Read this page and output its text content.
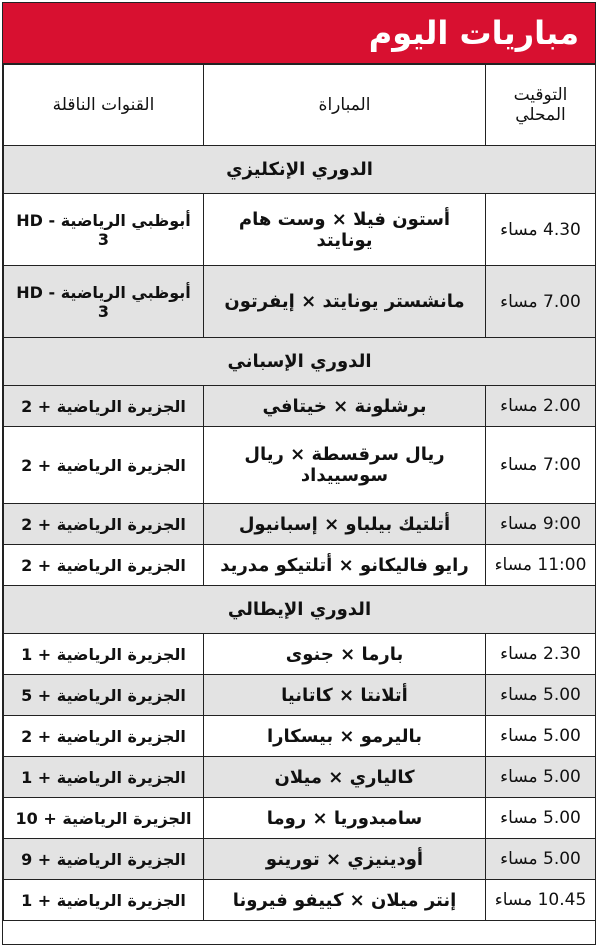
مباريات اليوم
التوقيت المحلي	المباراة	القنوات الناقلة
الدوري الإنكليزي		
4.30 مساء	أستون فيلا × وست هام يونايتد	أبوظبي الرياضية - HD 3
7.00 مساء	مانشستر يونايتد × إيفرتون	أبوظبي الرياضية - HD 3
الدوري الإسباني		
2.00 مساء	برشلونة × خيتافي	الجزيرة الرياضية + 2
7:00 مساء	ريال سرقسطة × ريال سوسييداد	الجزيرة الرياضية + 2
9:00 مساء	أتلتيك بيلباو × إسبانيول	الجزيرة الرياضية + 2
11:00 مساء	رايو فاليكانو × أتلتيكو مدريد	الجزيرة الرياضية + 2
الدوري الإيطالي		
2.30 مساء	بارما × جنوى	الجزيرة الرياضية + 1
5.00 مساء	أتلانتا × كاتانيا	الجزيرة الرياضية + 5
5.00 مساء	باليرمو × بيسكارا	الجزيرة الرياضية + 2
5.00 مساء	كالياري × ميلان	الجزيرة الرياضية + 1
5.00 مساء	سامبدوريا × روما	الجزيرة الرياضية + 10
5.00 مساء	أودينيزي × تورينو	الجزيرة الرياضية + 9
10.45 مساء	إنتر ميلان × كييفو فيرونا	الجزيرة الرياضية + 1
